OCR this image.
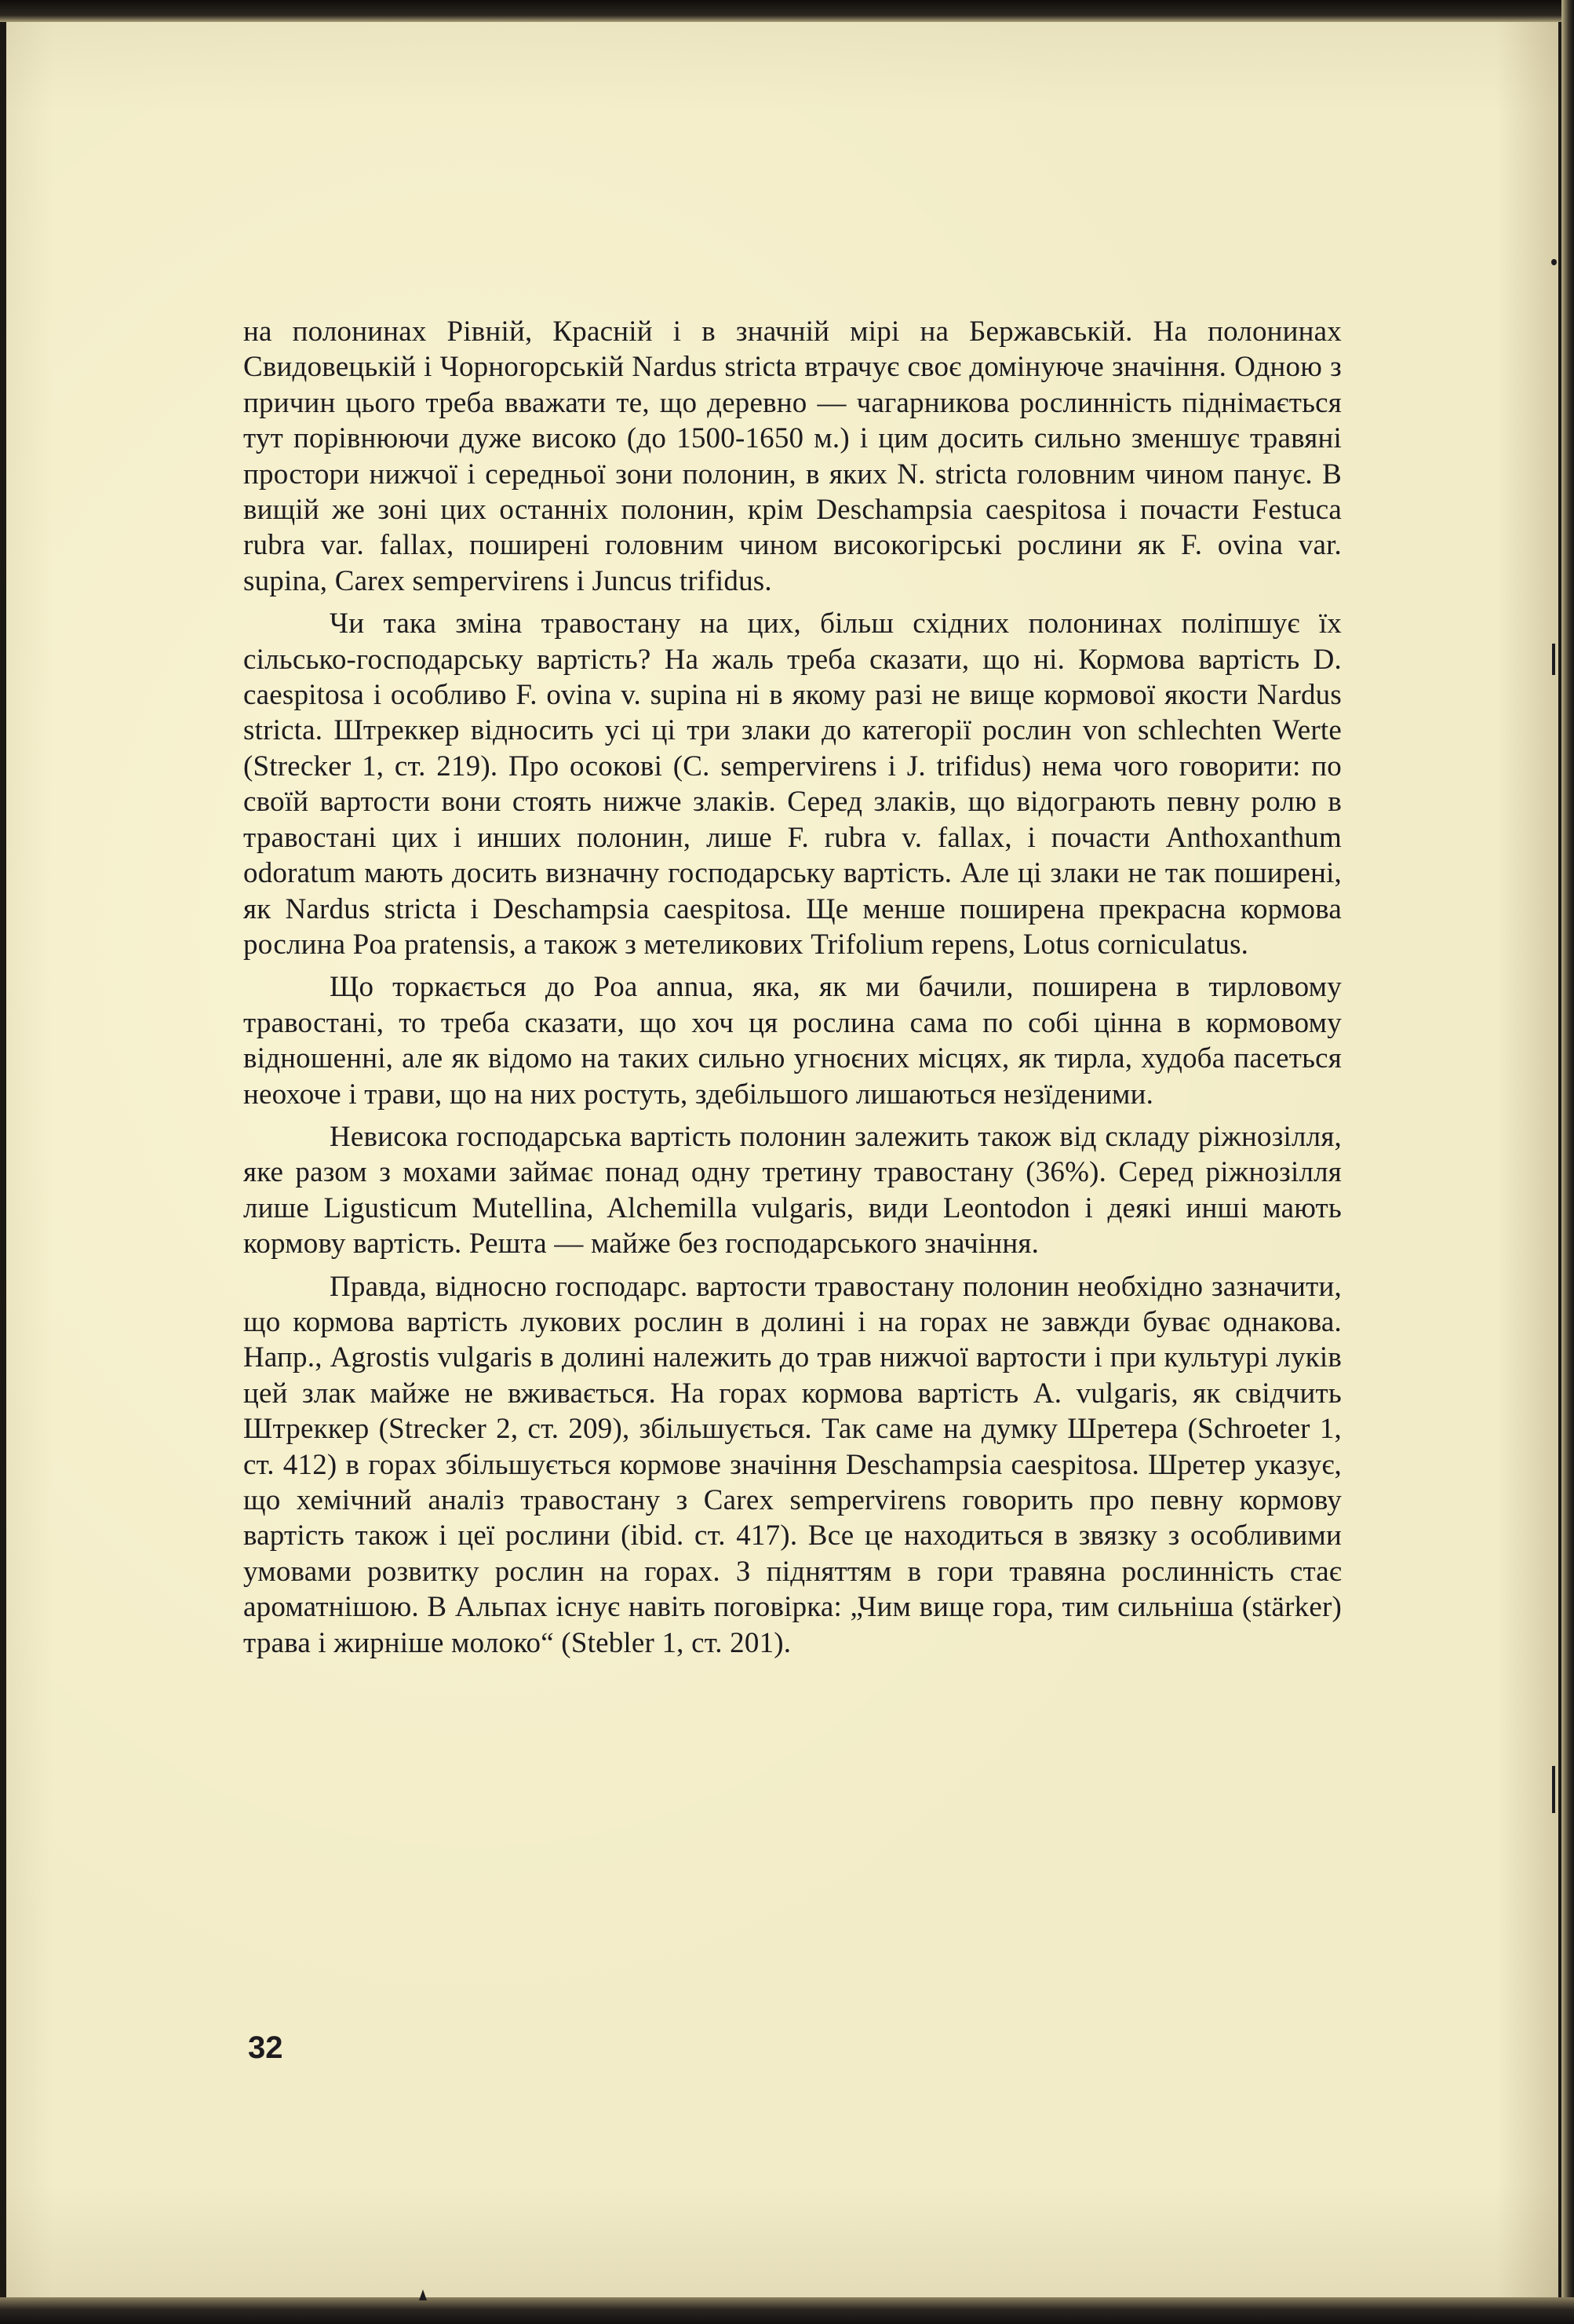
на полонинах Рівній, Красній і в значній мірі на Бержавській. На полонинах Свидовецькій і Чорногорській Nardus stricta втрачує своє домінуюче значіння. Одною з причин цього треба вважати те, що деревно — чагарникова рослинність піднімається тут порівнюючи дуже високо (до 1500-1650 м.) і цим досить сильно зменшує травяні простори нижчої і середньої зони полонин, в яких N. stricta головним чином панує. В вищій же зоні цих останніх полонин, крім Deschampsia caespitosa і почасти Festuca rubra var. fallax, поширені головним чином високогірські рослини як F. ovina var. supina, Carex sempervirens і Juncus trifidus.

Чи така зміна травостану на цих, більш східних полонинах поліпшує їх сільсько-господарську вартість? На жаль треба сказати, що ні. Кормова вартість D. caespitosa і особливо F. ovina v. supina ні в якому разі не вище кормової якости Nardus stricta. Штреккер відносить усі ці три злаки до категорії рослин von schlechten Werte (Strecker 1, ст. 219). Про осокові (C. sempervirens і J. trifidus) нема чого говорити: по своїй вартости вони стоять нижче злаків. Серед злаків, що відограють певну ролю в травостані цих і инших полонин, лише F. rubra v. fallax, і почасти Anthoxanthum odoratum мають досить визначну господарську вартість. Але ці злаки не так поширені, як Nardus stricta і Deschampsia caespitosa. Ще менше поширена прекрасна кормова рослина Poa pratensis, а також з метеликових Trifolium repens, Lotus corniculatus.

Що торкається до Poa annua, яка, як ми бачили, поширена в тирловому травостані, то треба сказати, що хоч ця рослина сама по собі цінна в кормовому відношенні, але як відомо на таких сильно угноєних місцях, як тирла, худоба пасеться неохоче і трави, що на них ростуть, здебільшого лишаються незїденими.

Невисока господарська вартість полонин залежить також від складу ріжнозілля, яке разом з мохами займає понад одну третину травостану (36%). Серед ріжнозілля лише Ligusticum Mutellina, Alchemilla vulgaris, види Leontodon і деякі инші мають кормову вартість. Решта — майже без господарського значіння.

Правда, відносно господарс. вартости травостану полонин необхідно зазначити, що кормова вартість лукових рослин в долині і на горах не завжди буває однакова. Напр., Agrostis vulgaris в долині належить до трав нижчої вартости і при культурі луків цей злак майже не вживається. На горах кормова вартість A. vulgaris, як свідчить Штреккер (Strecker 2, ст. 209), збільшується. Так саме на думку Шретера (Schroeter 1, ст. 412) в горах збільшується кормове значіння Deschampsia caespitosa. Шретер указує, що хемічний аналіз травостану з Carex sempervirens говорить про певну кормову вартість також і цеї рослини (ibid. ст. 417). Все це находиться в звязку з особливими умовами розвитку рослин на горах. З підняттям в гори травяна рослинність стає ароматнішою. В Альпах існує навіть поговірка: „Чим вище гора, тим сильніша (stärker) трава і жирніше молоко“ (Stebler 1, ст. 201).

32
